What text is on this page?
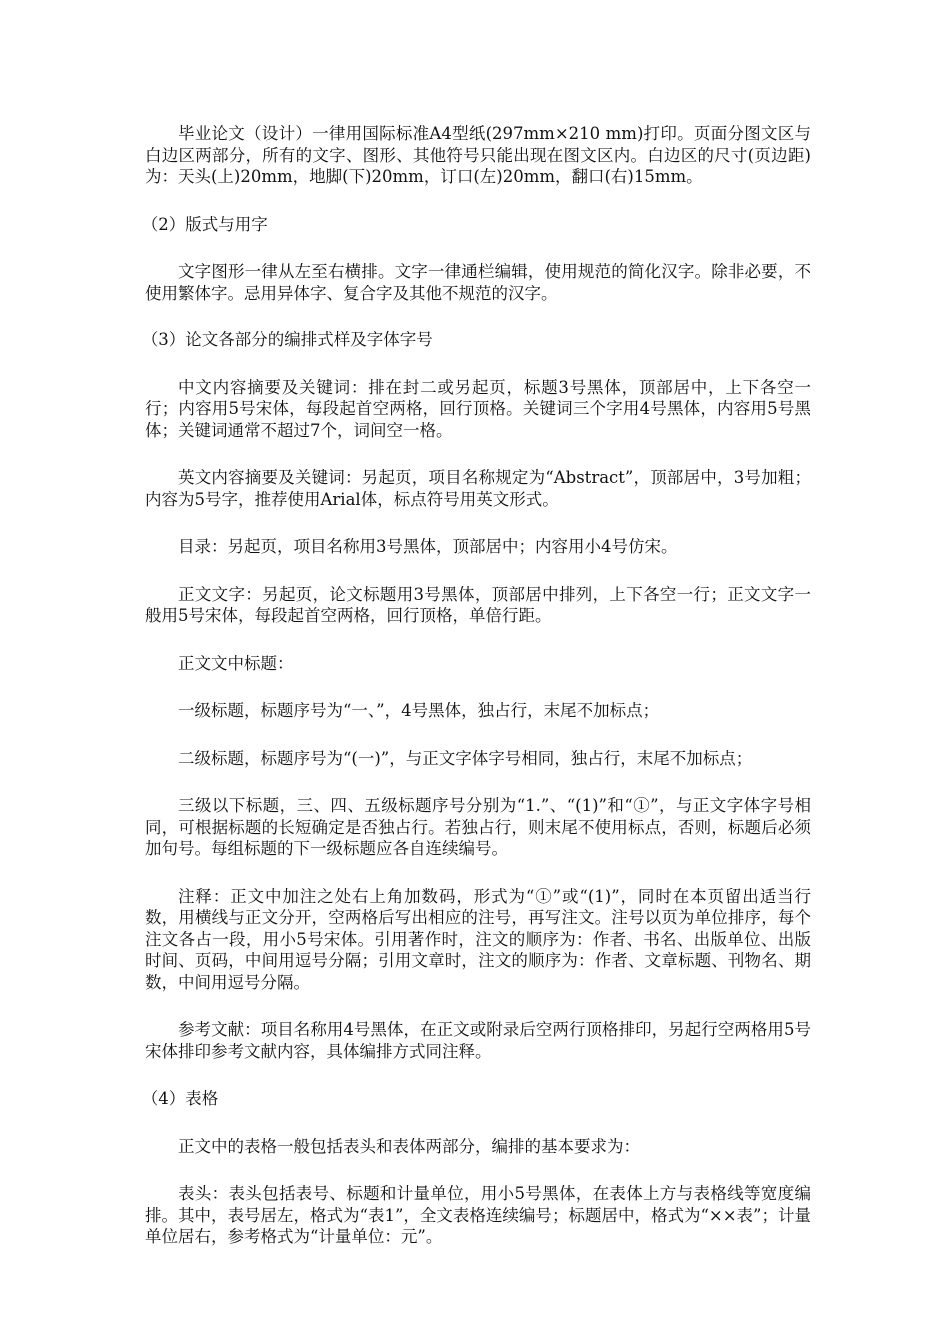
毕业论文（设计）一律用国际标准A4型纸(297mm×210 mm)打印。页面分图文区与白边区两部分，所有的文字、图形、其他符号只能出现在图文区内。白边区的尺寸(页边距)为：天头(上)20mm，地脚(下)20mm，订口(左)20mm，翻口(右)15mm。

（2）版式与用字

文字图形一律从左至右横排。文字一律通栏编辑，使用规范的简化汉字。除非必要，不使用繁体字。忌用异体字、复合字及其他不规范的汉字。

（3）论文各部分的编排式样及字体字号

中文内容摘要及关键词：排在封二或另起页，标题3号黑体，顶部居中，上下各空一行；内容用5号宋体，每段起首空两格，回行顶格。关键词三个字用4号黑体，内容用5号黑体；关键词通常不超过7个，词间空一格。

英文内容摘要及关键词：另起页，项目名称规定为“Abstract”，顶部居中，3号加粗；内容为5号字，推荐使用Arial体，标点符号用英文形式。

目录：另起页，项目名称用3号黑体，顶部居中；内容用小4号仿宋。

正文文字：另起页，论文标题用3号黑体，顶部居中排列，上下各空一行；正文文字一般用5号宋体，每段起首空两格，回行顶格，单倍行距。

正文文中标题：

一级标题，标题序号为“一、”，4号黑体，独占行，末尾不加标点；

二级标题，标题序号为“(一)”，与正文字体字号相同，独占行，末尾不加标点；

三级以下标题，三、四、五级标题序号分别为“1.”、“(1)”和“①”，与正文字体字号相同，可根据标题的长短确定是否独占行。若独占行，则末尾不使用标点，否则，标题后必须加句号。每组标题的下一级标题应各自连续编号。

注释：正文中加注之处右上角加数码，形式为“①”或“(1)”，同时在本页留出适当行数，用横线与正文分开，空两格后写出相应的注号，再写注文。注号以页为单位排序，每个注文各占一段，用小5号宋体。引用著作时，注文的顺序为：作者、书名、出版单位、出版时间、页码，中间用逗号分隔；引用文章时，注文的顺序为：作者、文章标题、刊物名、期数，中间用逗号分隔。

参考文献：项目名称用4号黑体，在正文或附录后空两行顶格排印，另起行空两格用5号宋体排印参考文献内容，具体编排方式同注释。

（4）表格

正文中的表格一般包括表头和表体两部分，编排的基本要求为：

表头：表头包括表号、标题和计量单位，用小5号黑体，在表体上方与表格线等宽度编排。其中，表号居左，格式为“表1”，全文表格连续编号；标题居中，格式为“××表”；计量单位居右，参考格式为“计量单位：元”。
